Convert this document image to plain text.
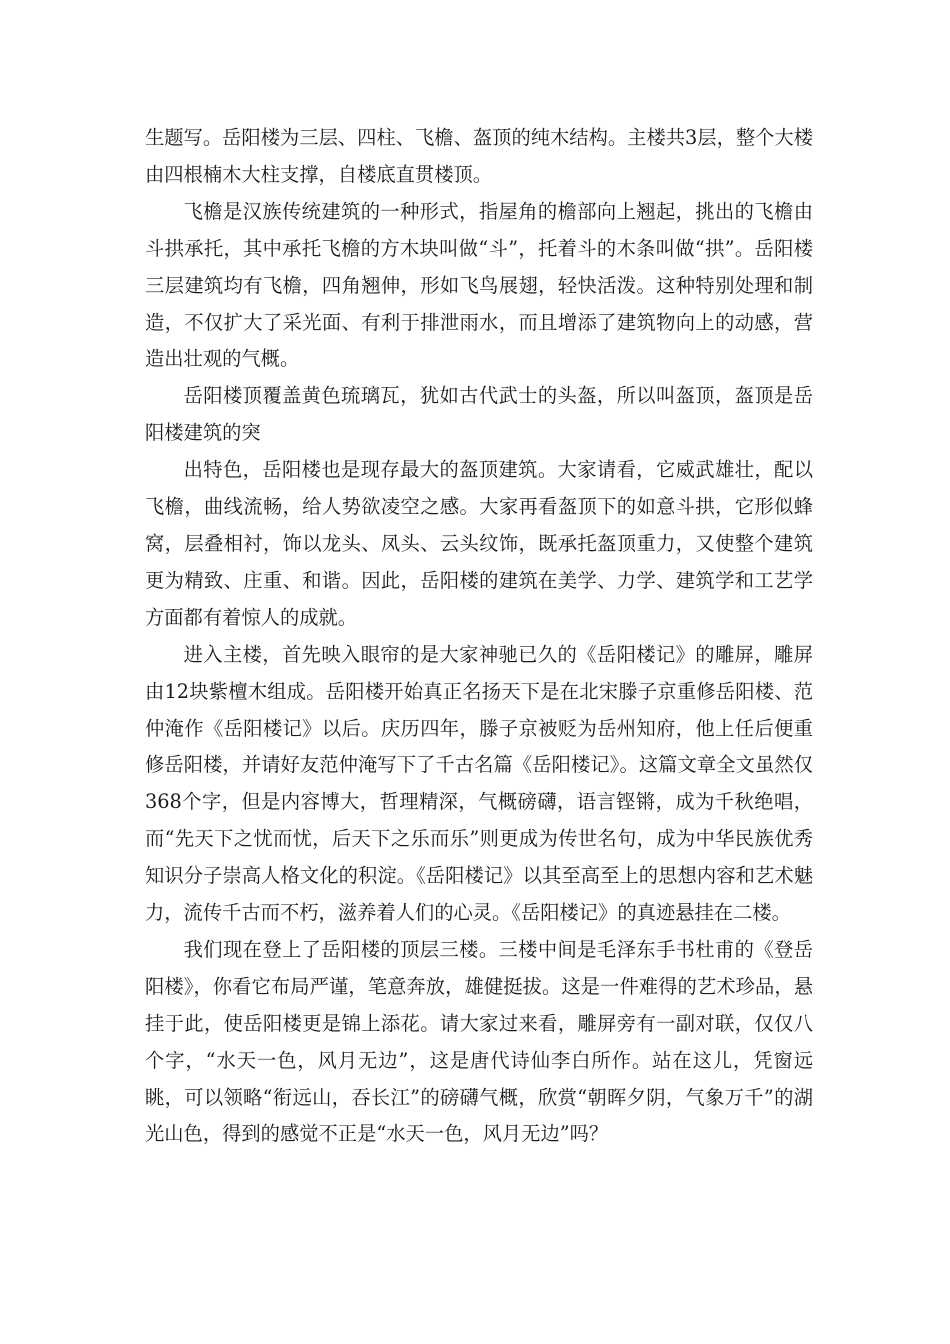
生题写。岳阳楼为三层、四柱、飞檐、盔顶的纯木结构。主楼共3层，整个大楼由四根楠木大柱支撑，自楼底直贯楼顶。

飞檐是汉族传统建筑的一种形式，指屋角的檐部向上翘起，挑出的飞檐由斗拱承托，其中承托飞檐的方木块叫做“斗”，托着斗的木条叫做“拱”。岳阳楼三层建筑均有飞檐，四角翘伸，形如飞鸟展翅，轻快活泼。这种特别处理和制造，不仅扩大了采光面、有利于排泄雨水，而且增添了建筑物向上的动感，营造出壮观的气概。

岳阳楼顶覆盖黄色琉璃瓦，犹如古代武士的头盔，所以叫盔顶，盔顶是岳阳楼建筑的突

出特色，岳阳楼也是现存最大的盔顶建筑。大家请看，它威武雄壮，配以飞檐，曲线流畅，给人势欲凌空之感。大家再看盔顶下的如意斗拱，它形似蜂窝，层叠相衬，饰以龙头、凤头、云头纹饰，既承托盔顶重力，又使整个建筑更为精致、庄重、和谐。因此，岳阳楼的建筑在美学、力学、建筑学和工艺学方面都有着惊人的成就。

进入主楼，首先映入眼帘的是大家神驰已久的《岳阳楼记》的雕屏，雕屏由12块紫檀木组成。岳阳楼开始真正名扬天下是在北宋滕子京重修岳阳楼、范仲淹作《岳阳楼记》以后。庆历四年，滕子京被贬为岳州知府，他上任后便重修岳阳楼，并请好友范仲淹写下了千古名篇《岳阳楼记》。这篇文章全文虽然仅368个字，但是内容博大，哲理精深，气概磅礴，语言铿锵，成为千秋绝唱，而“先天下之忧而忧，后天下之乐而乐”则更成为传世名句，成为中华民族优秀知识分子崇高人格文化的积淀。《岳阳楼记》以其至高至上的思想内容和艺术魅力，流传千古而不朽，滋养着人们的心灵。《岳阳楼记》的真迹悬挂在二楼。

我们现在登上了岳阳楼的顶层三楼。三楼中间是毛泽东手书杜甫的《登岳阳楼》，你看它布局严谨，笔意奔放，雄健挺拔。这是一件难得的艺术珍品，悬挂于此，使岳阳楼更是锦上添花。请大家过来看，雕屏旁有一副对联，仅仅八个字，“水天一色，风月无边”，这是唐代诗仙李白所作。站在这儿，凭窗远眺，可以领略“衔远山，吞长江”的磅礴气概，欣赏“朝晖夕阴，气象万千”的湖光山色，得到的感觉不正是“水天一色，风月无边”吗？
